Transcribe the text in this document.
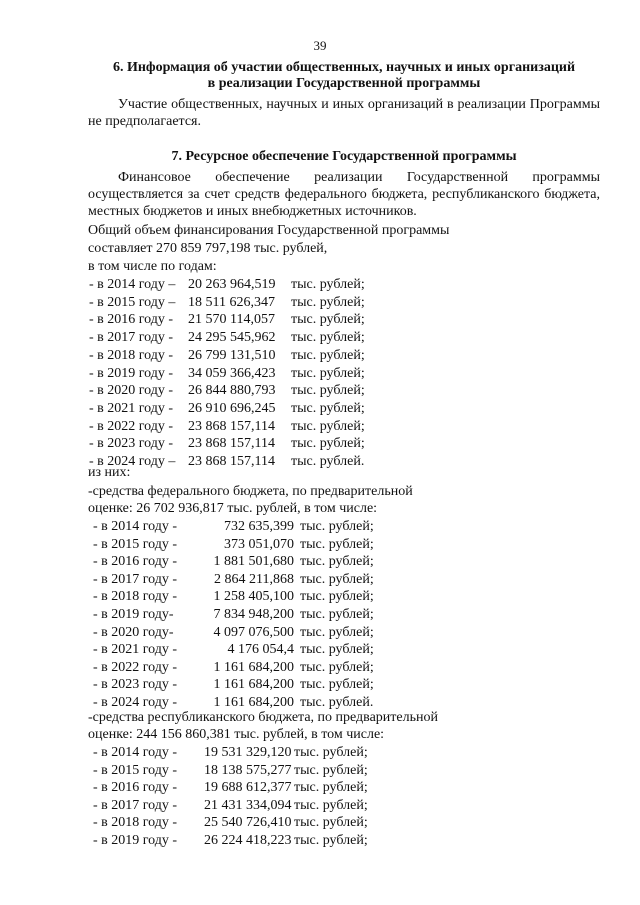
39
6. Информация об участии общественных, научных и иных организаций
в реализации Государственной программы
Участие общественных, научных и иных организаций в реализации Программы не предполагается.
7. Ресурсное обеспечение Государственной программы
Финансовое обеспечение реализации Государственной программы осуществляется за счет средств федерального бюджета, республиканского бюджета, местных бюджетов и иных внебюджетных источников.
Общий объем финансирования Государственной программы
составляет 270 859 797,198 тыс. рублей,
в том числе по годам:
- в 2014 году – 20 263 964,519 тыс. рублей;
- в 2015 году – 18 511 626,347 тыс. рублей;
- в 2016 году - 21 570 114,057 тыс. рублей;
- в 2017 году - 24 295 545,962 тыс. рублей;
- в 2018 году - 26 799 131,510 тыс. рублей;
- в 2019 году - 34 059 366,423 тыс. рублей;
- в 2020 году - 26 844 880,793 тыс. рублей;
- в 2021 году - 26 910 696,245 тыс. рублей;
- в 2022 году - 23 868 157,114 тыс. рублей;
- в 2023 году - 23 868 157,114 тыс. рублей;
- в 2024 году – 23 868 157,114 тыс. рублей.
из них:
-средства федерального бюджета, по предварительной
оценке: 26 702 936,817 тыс. рублей, в том числе:
- в 2014 году -	732 635,399 тыс. рублей;
- в 2015 году -	373 051,070 тыс. рублей;
- в 2016 году -	1 881 501,680 тыс. рублей;
- в 2017 году -	2 864 211,868 тыс. рублей;
- в 2018 году -	1 258 405,100 тыс. рублей;
- в 2019 году-	7 834 948,200 тыс. рублей;
- в 2020 году-	4 097 076,500 тыс. рублей;
- в 2021 году -	4 176 054,4 тыс. рублей;
- в 2022 году -	1 161 684,200 тыс. рублей;
- в 2023 году -	1 161 684,200 тыс. рублей;
- в 2024 году -	1 161 684,200 тыс. рублей.
-средства республиканского бюджета, по предварительной
оценке: 244 156 860,381 тыс. рублей, в том числе:
- в 2014 году - 19 531 329,120 тыс. рублей;
- в 2015 году - 18 138 575,277 тыс. рублей;
- в 2016 году - 19 688 612,377 тыс. рублей;
- в 2017 году - 21 431 334,094 тыс. рублей;
- в 2018 году - 25 540 726,410 тыс. рублей;
- в 2019 году - 26 224 418,223 тыс. рублей;
